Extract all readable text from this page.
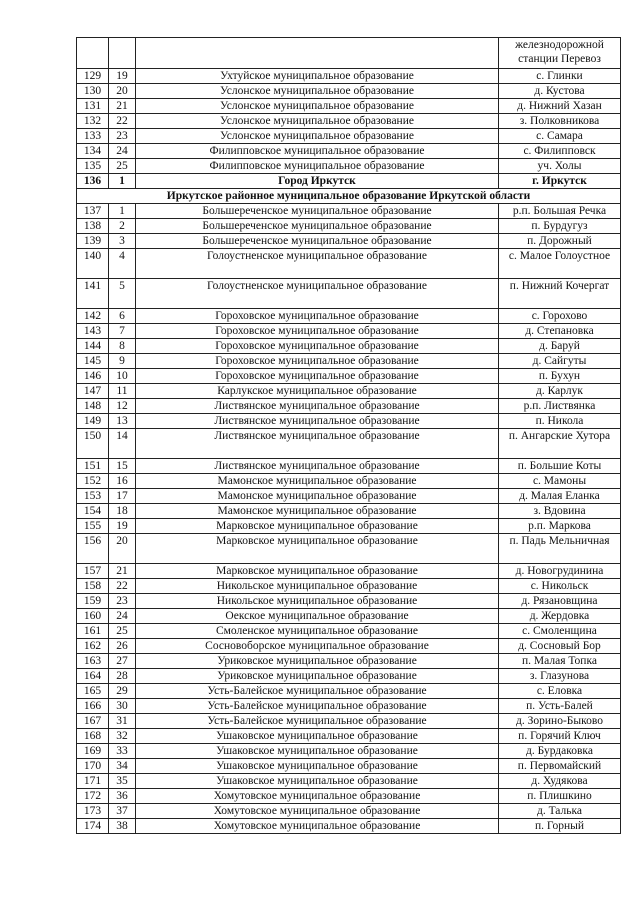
			железнодорожной станции Перевоз
129	19	Ухтуйское муниципальное образование	с. Глинки
130	20	Услонское муниципальное образование	д. Кустова
131	21	Услонское муниципальное образование	д. Нижний Хазан
132	22	Услонское муниципальное образование	з. Полковникова
133	23	Услонское муниципальное образование	с. Самара
134	24	Филипповское муниципальное образование	с. Филипповск
135	25	Филипповское муниципальное образование	уч. Холы
136	1	Город Иркутск	г. Иркутск
Иркутское районное муниципальное образование Иркутской области			
137	1	Большереченское муниципальное образование	р.п. Большая Речка
138	2	Большереченское муниципальное образование	п. Бурдугуз
139	3	Большереченское муниципальное образование	п. Дорожный
140	4	Голоустненское муниципальное образование	с. Малое Голоустное
141	5	Голоустненское муниципальное образование	п. Нижний Кочергат
142	6	Гороховское муниципальное образование	с. Горохово
143	7	Гороховское муниципальное образование	д. Степановка
144	8	Гороховское муниципальное образование	д. Баруй
145	9	Гороховское муниципальное образование	д. Сайгуты
146	10	Гороховское муниципальное образование	п. Бухун
147	11	Карлукское муниципальное образование	д. Карлук
148	12	Листвянское муниципальное образование	р.п. Листвянка
149	13	Листвянское муниципальное образование	п. Никола
150	14	Листвянское муниципальное образование	п. Ангарские Хутора
151	15	Листвянское муниципальное образование	п. Большие Коты
152	16	Мамонское муниципальное образование	с. Мамоны
153	17	Мамонское муниципальное образование	д. Малая Еланка
154	18	Мамонское муниципальное образование	з. Вдовина
155	19	Марковское муниципальное образование	р.п. Маркова
156	20	Марковское муниципальное образование	п. Падь Мельничная
157	21	Марковское муниципальное образование	д. Новогрудинина
158	22	Никольское муниципальное образование	с. Никольск
159	23	Никольское муниципальное образование	д. Рязановщина
160	24	Оекское муниципальное образование	д. Жердовка
161	25	Смоленское муниципальное образование	с. Смоленщина
162	26	Сосновоборское муниципальное образование	д. Сосновый Бор
163	27	Уриковское муниципальное образование	п. Малая Топка
164	28	Уриковское муниципальное образование	з. Глазунова
165	29	Усть-Балейское муниципальное образование	с. Еловка
166	30	Усть-Балейское муниципальное образование	п. Усть-Балей
167	31	Усть-Балейское муниципальное образование	д. Зорино-Быково
168	32	Ушаковское муниципальное образование	п. Горячий Ключ
169	33	Ушаковское муниципальное образование	д. Бурдаковка
170	34	Ушаковское муниципальное образование	п. Первомайский
171	35	Ушаковское муниципальное образование	д. Худякова
172	36	Хомутовское муниципальное образование	п. Плишкино
173	37	Хомутовское муниципальное образование	д. Талька
174	38	Хомутовское муниципальное образование	п. Горный
